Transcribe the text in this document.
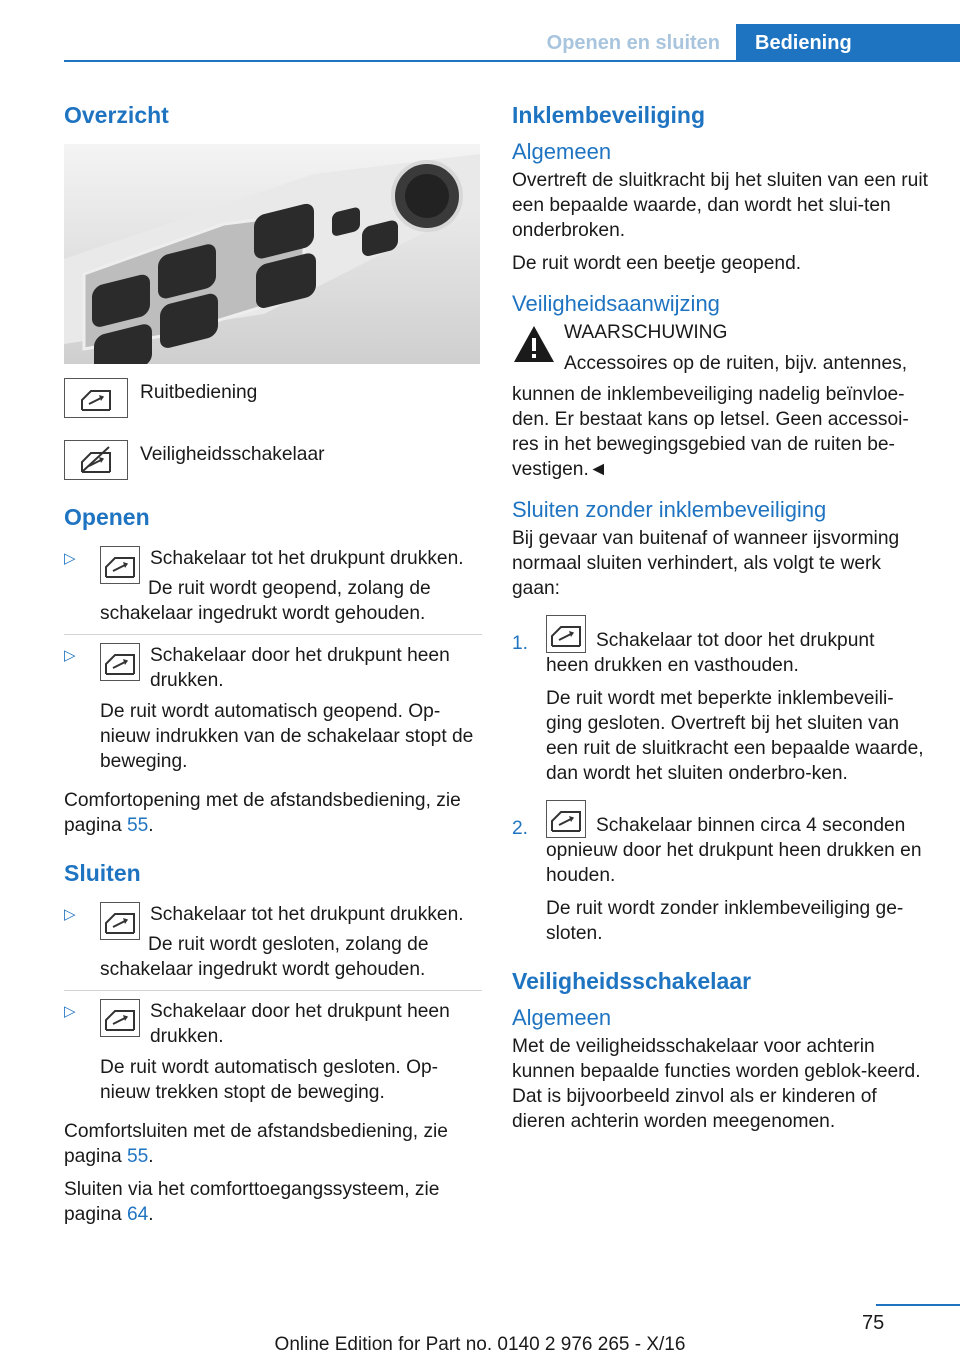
Openen en sluiten	Bediening
Overzicht
Ruitbediening
Veiligheidsschakelaar
Openen
▷	Schakelaar tot het drukpunt drukken.
De ruit wordt geopend, zolang de schakelaar ingedrukt wordt gehouden.
▷	Schakelaar door het drukpunt heen drukken.
De ruit wordt automatisch geopend. Op-nieuw indrukken van de schakelaar stopt de beweging.

Comfortopening met de afstandsbediening, zie pagina 55.

Sluiten
▷	Schakelaar tot het drukpunt drukken.
De ruit wordt gesloten, zolang de schakelaar ingedrukt wordt gehouden.
▷	Schakelaar door het drukpunt heen drukken.
De ruit wordt automatisch gesloten. Op-nieuw trekken stopt de beweging.

Comfortsluiten met de afstandsbediening, zie pagina 55.

Sluiten via het comforttoegangssysteem, zie pagina 64.

Inklembeveiliging
Algemeen

Overtreft de sluitkracht bij het sluiten van een ruit een bepaalde waarde, dan wordt het slui-ten onderbroken.

De ruit wordt een beetje geopend.

Veiligheidsaanwijzing

WAARSCHUWING

Accessoires op de ruiten, bijv. antennes,

kunnen de inklembeveiliging nadelig beïnvloe-den. Er bestaat kans op letsel. Geen accessoi-res in het bewegingsgebied van de ruiten be-vestigen.◄
Sluiten zonder inklembeveiliging

Bij gevaar van buitenaf of wanneer ijsvorming normaal sluiten verhindert, als volgt te werk gaan:

1.	Schakelaar tot door het drukpunt

heen drukken en vasthouden.

De ruit wordt met beperkte inklembeveili-ging gesloten. Overtreft bij het sluiten van een ruit de sluitkracht een bepaalde waarde, dan wordt het sluiten onderbro-ken.

2.	Schakelaar binnen circa 4 seconden

opnieuw door het drukpunt heen drukken en houden.

De ruit wordt zonder inklembeveiliging ge-sloten.

Veiligheidsschakelaar
Algemeen

Met de veiligheidsschakelaar voor achterin kunnen bepaalde functies worden geblok-keerd. Dat is bijvoorbeeld zinvol als er kinderen of dieren achterin worden meegenomen.

75
Online Edition for Part no. 0140 2 976 265 - X/16
